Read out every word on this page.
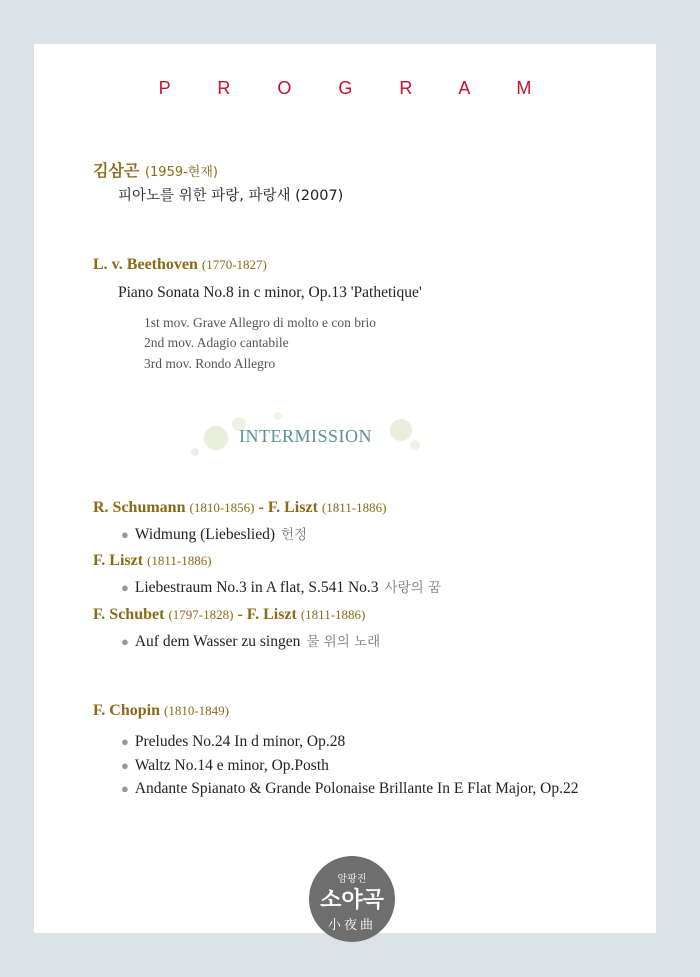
P R O G R A M
김삼곤 (1959-현재)
피아노를 위한 파랑, 파랑새 (2007)
L. v. Beethoven (1770-1827)
Piano Sonata No.8 in c minor, Op.13 'Pathetique'
1st mov. Grave Allegro di molto e con brio
2nd mov. Adagio cantabile
3rd mov. Rondo Allegro
INTERMISSION
R. Schumann (1810-1856) - F. Liszt (1811-1886)
● Widmung (Liebeslied) 헌정
F. Liszt (1811-1886)
● Liebestraum No.3 in A flat, S.541 No.3 사랑의 꿈
F. Schubet (1797-1828) - F. Liszt (1811-1886)
● Auf dem Wasser zu singen 물 위의 노래
F. Chopin (1810-1849)
● Preludes No.24 In d minor, Op.28
● Waltz No.14 e minor, Op.Posth
● Andante Spianato & Grande Polonaise Brillante In E Flat Major, Op.22
암팡진
소야곡
小夜曲
